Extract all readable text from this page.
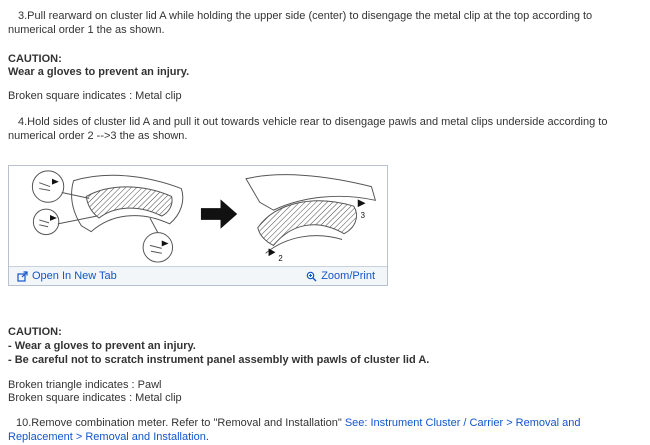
3.Pull rearward on cluster lid A while holding the upper side (center) to disengage the metal clip at the top according to numerical order 1 the as shown.

CAUTION:

Wear a gloves to prevent an injury.

Broken square indicates : Metal clip

4.Hold sides of cluster lid A and pull it out towards vehicle rear to disengage pawls and metal clips underside according to numerical order 2 -->3 the as shown.

2
3
Open In New Tab	Zoom/Print

CAUTION:

- Wear a gloves to prevent an injury.

- Be careful not to scratch instrument panel assembly with pawls of cluster lid A.

Broken triangle indicates : Pawl

Broken square indicates : Metal clip

10.Remove combination meter. Refer to "Removal and Installation" See: Instrument Cluster / Carrier > Removal and Replacement > Removal and Installation.
